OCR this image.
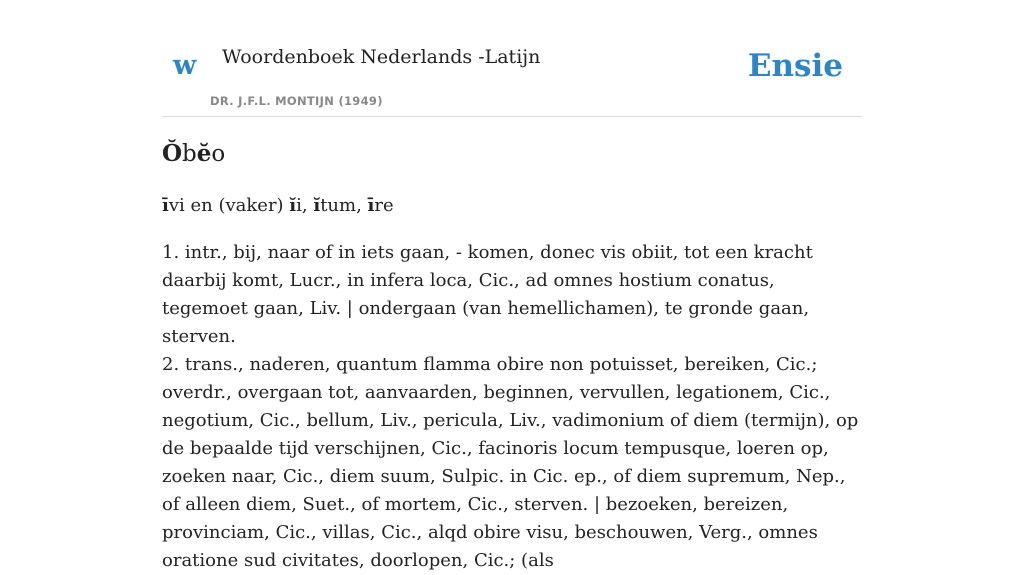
w Woordenboek Nederlands -Latijn
DR. J.F.L. MONTIJN (1949)
Ensie
Ŏbĕo
īvi en (vaker) ĭi, ĭtum, īre

1. intr., bij, naar of in iets gaan, - komen, donec vis obiit, tot een kracht daarbij komt, Lucr., in infera loca, Cic., ad omnes hostium conatus, tegemoet gaan, Liv. | ondergaan (van hemellichamen), te gronde gaan, sterven.

2. trans., naderen, quantum flamma obire non potuisset, bereiken, Cic.; overdr., overgaan tot, aanvaarden, beginnen, vervullen, legationem, Cic., negotium, Cic., bellum, Liv., pericula, Liv., vadimonium of diem (termijn), op de bepaalde tijd verschijnen, Cic., facinoris locum tempusque, loeren op, zoeken naar, Cic., diem suum, Sulpic. in Cic. ep., of diem supremum, Nep., of alleen diem, Suet., of mortem, Cic., sterven. | bezoeken, bereizen, provinciam, Cic., villas, Cic., alqd obire visu, beschouwen, Verg., omnes oratione sud civitates, doorlopen, Cic.; (als
